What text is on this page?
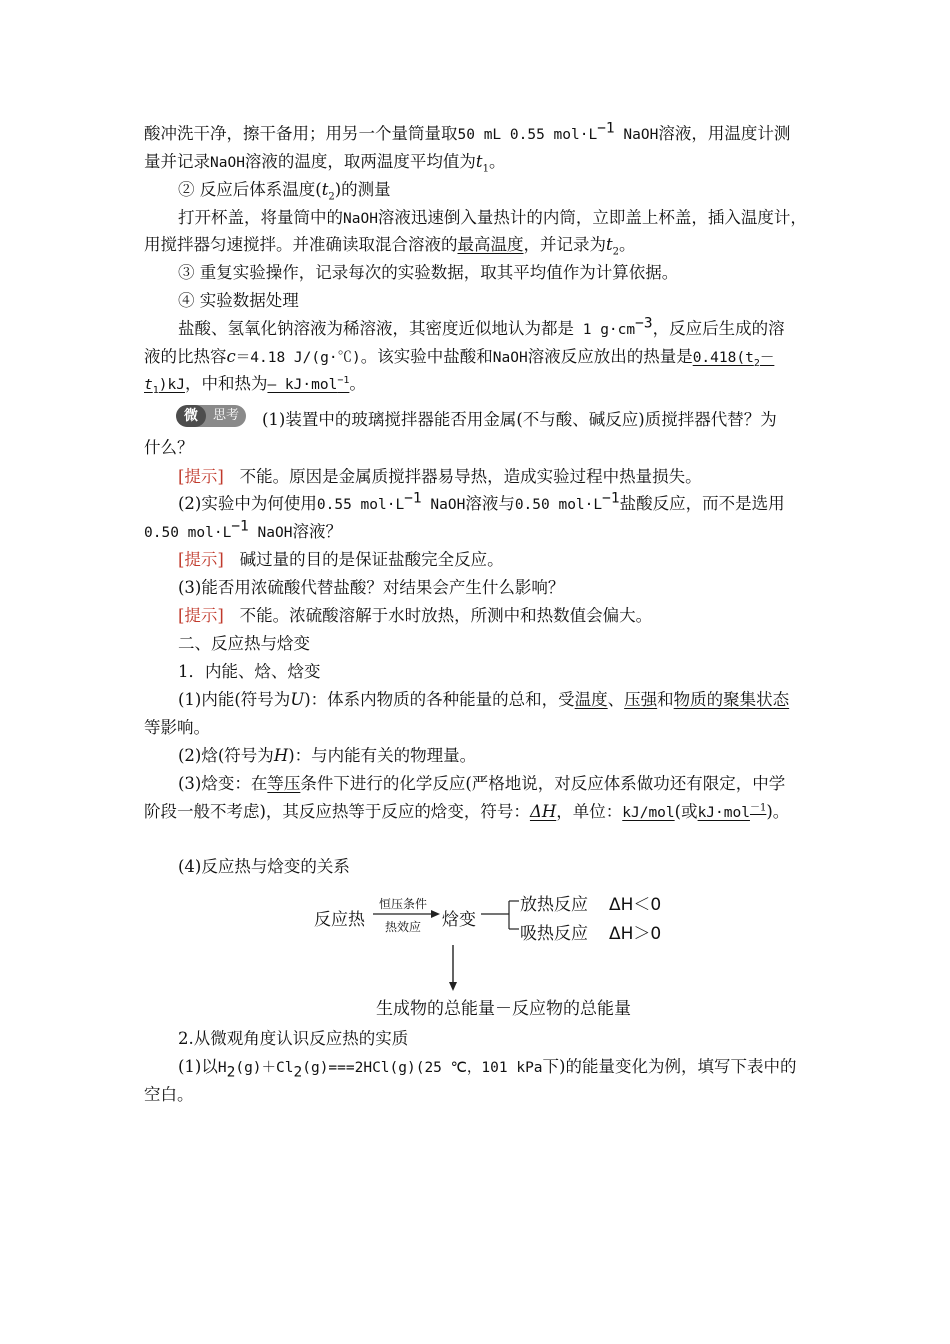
酸冲洗干净，擦干备用；用另一个量筒量取50 mL 0.55 $mol\cdot L^{-1}$ NaOH溶液，用温度计测
量并记录NaOH溶液的温度，取两温度平均值为$t_1$。
② 反应后体系温度$(t_2)$的测量
打开杯盖，将量筒中的NaOH溶液迅速倒入量热计的内筒，立即盖上杯盖，插入温度计，
用搅拌器匀速搅拌。并准确读取混合溶液的最高温度，并记录为$t_2$。
③ 重复实验操作，记录每次的实验数据，取其平均值作为计算依据。
④ 实验数据处理
盐酸、氢氧化钠溶液为稀溶液，其密度近似地认为都是 1 $g\cdot cm^{-3}$，反应后生成的溶
液的比热容c＝4.18 J/(g·℃)。该实验中盐酸和NaOH溶液反应放出的热量是$0.418(t_2-$
$t_1)kJ$，中和热为— kJ·mol$^{-1}$。
微	思考	(1)装置中的玻璃搅拌器能否用金属(不与酸、碱反应)质搅拌器代替？为
什么？
[提示] 不能。原因是金属质搅拌器易导热，造成实验过程中热量损失。
(2)实验中为何使用0.55 $mol\cdot L^{-1}$ NaOH溶液与0.50 $mol\cdot L^{-1}$盐酸反应，而不是选用
0.50 $mol\cdot L^{-1}$ NaOH溶液？
[提示] 碱过量的目的是保证盐酸完全反应。
(3)能否用浓硫酸代替盐酸？对结果会产生什么影响？
[提示] 不能。浓硫酸溶解于水时放热，所测中和热数值会偏大。
二、反应热与焓变
1．内能、焓、焓变
(1)内能(符号为U)：体系内物质的各种能量的总和，受温度、压强和物质的聚集状态
等影响。
(2)焓(符号为H)：与内能有关的物理量。
(3)焓变：在等压条件下进行的化学反应(严格地说，对反应体系做功还有限定，中学
阶段一般不考虑)，其反应热等于反应的焓变，符号：ΔH，单位：kJ/mol(或kJ·mol$^{-1}$)。
(4)反应热与焓变的关系
反应热
恒压条件
热效应 焓变
放热反应 ΔH＜0
吸热反应 ΔH＞0
生成物的总能量－反应物的总能量
2.从微观角度认识反应热的实质
(1)以$H_2(g)+Cl_2(g)===2HCl(g)(25$ ℃，101 kPa下)的能量变化为例，填写下表中的
空白。
